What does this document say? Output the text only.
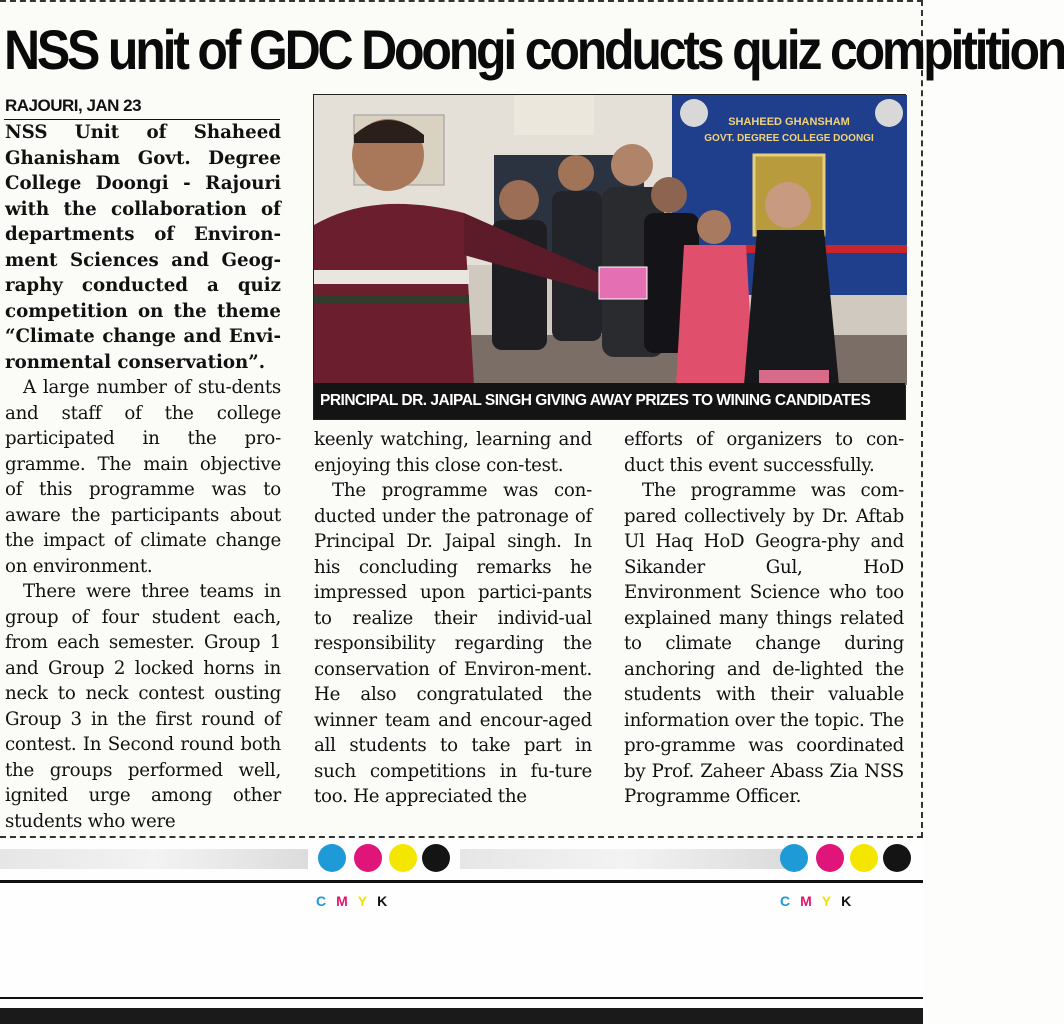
NSS unit of GDC Doongi conducts quiz compitition
RAJOURI, JAN 23

NSS Unit of Shaheed Ghanisham Govt. Degree College Doongi - Rajouri with the collaboration of departments of Environ-ment Sciences and Geog-raphy conducted a quiz competition on the theme “Climate change and Envi-ronmental conservation”.

A large number of stu-dents and staff of the college participated in the pro-gramme. The main objective of this programme was to aware the participants about the impact of climate change on environment.

There were three teams in group of four student each, from each semester. Group 1 and Group 2 locked horns in neck to neck contest ousting Group 3 in the first round of contest. In Second round both the groups performed well, ignited urge among other students who were

SHAHEED GHANSHAM
GOVT. DEGREE COLLEGE DOONGI
PRINCIPAL DR. JAIPAL SINGH GIVING AWAY PRIZES TO WINING CANDIDATES

keenly watching, learning and enjoying this close con-test.

The programme was con-ducted under the patronage of Principal Dr. Jaipal singh. In his concluding remarks he impressed upon partici-pants to realize their individ-ual responsibility regarding the conservation of Environ-ment. He also congratulated the winner team and encour-aged all students to take part in such competitions in fu-ture too. He appreciated the

efforts of organizers to con-duct this event successfully.

The programme was com-pared collectively by Dr. Aftab Ul Haq HoD Geogra-phy and Sikander Gul, HoD Environment Science who too explained many things related to climate change during anchoring and de-lighted the students with their valuable information over the topic. The pro-gramme was coordinated by Prof. Zaheer Abass Zia NSS Programme Officer.

CMYK	CMYK
